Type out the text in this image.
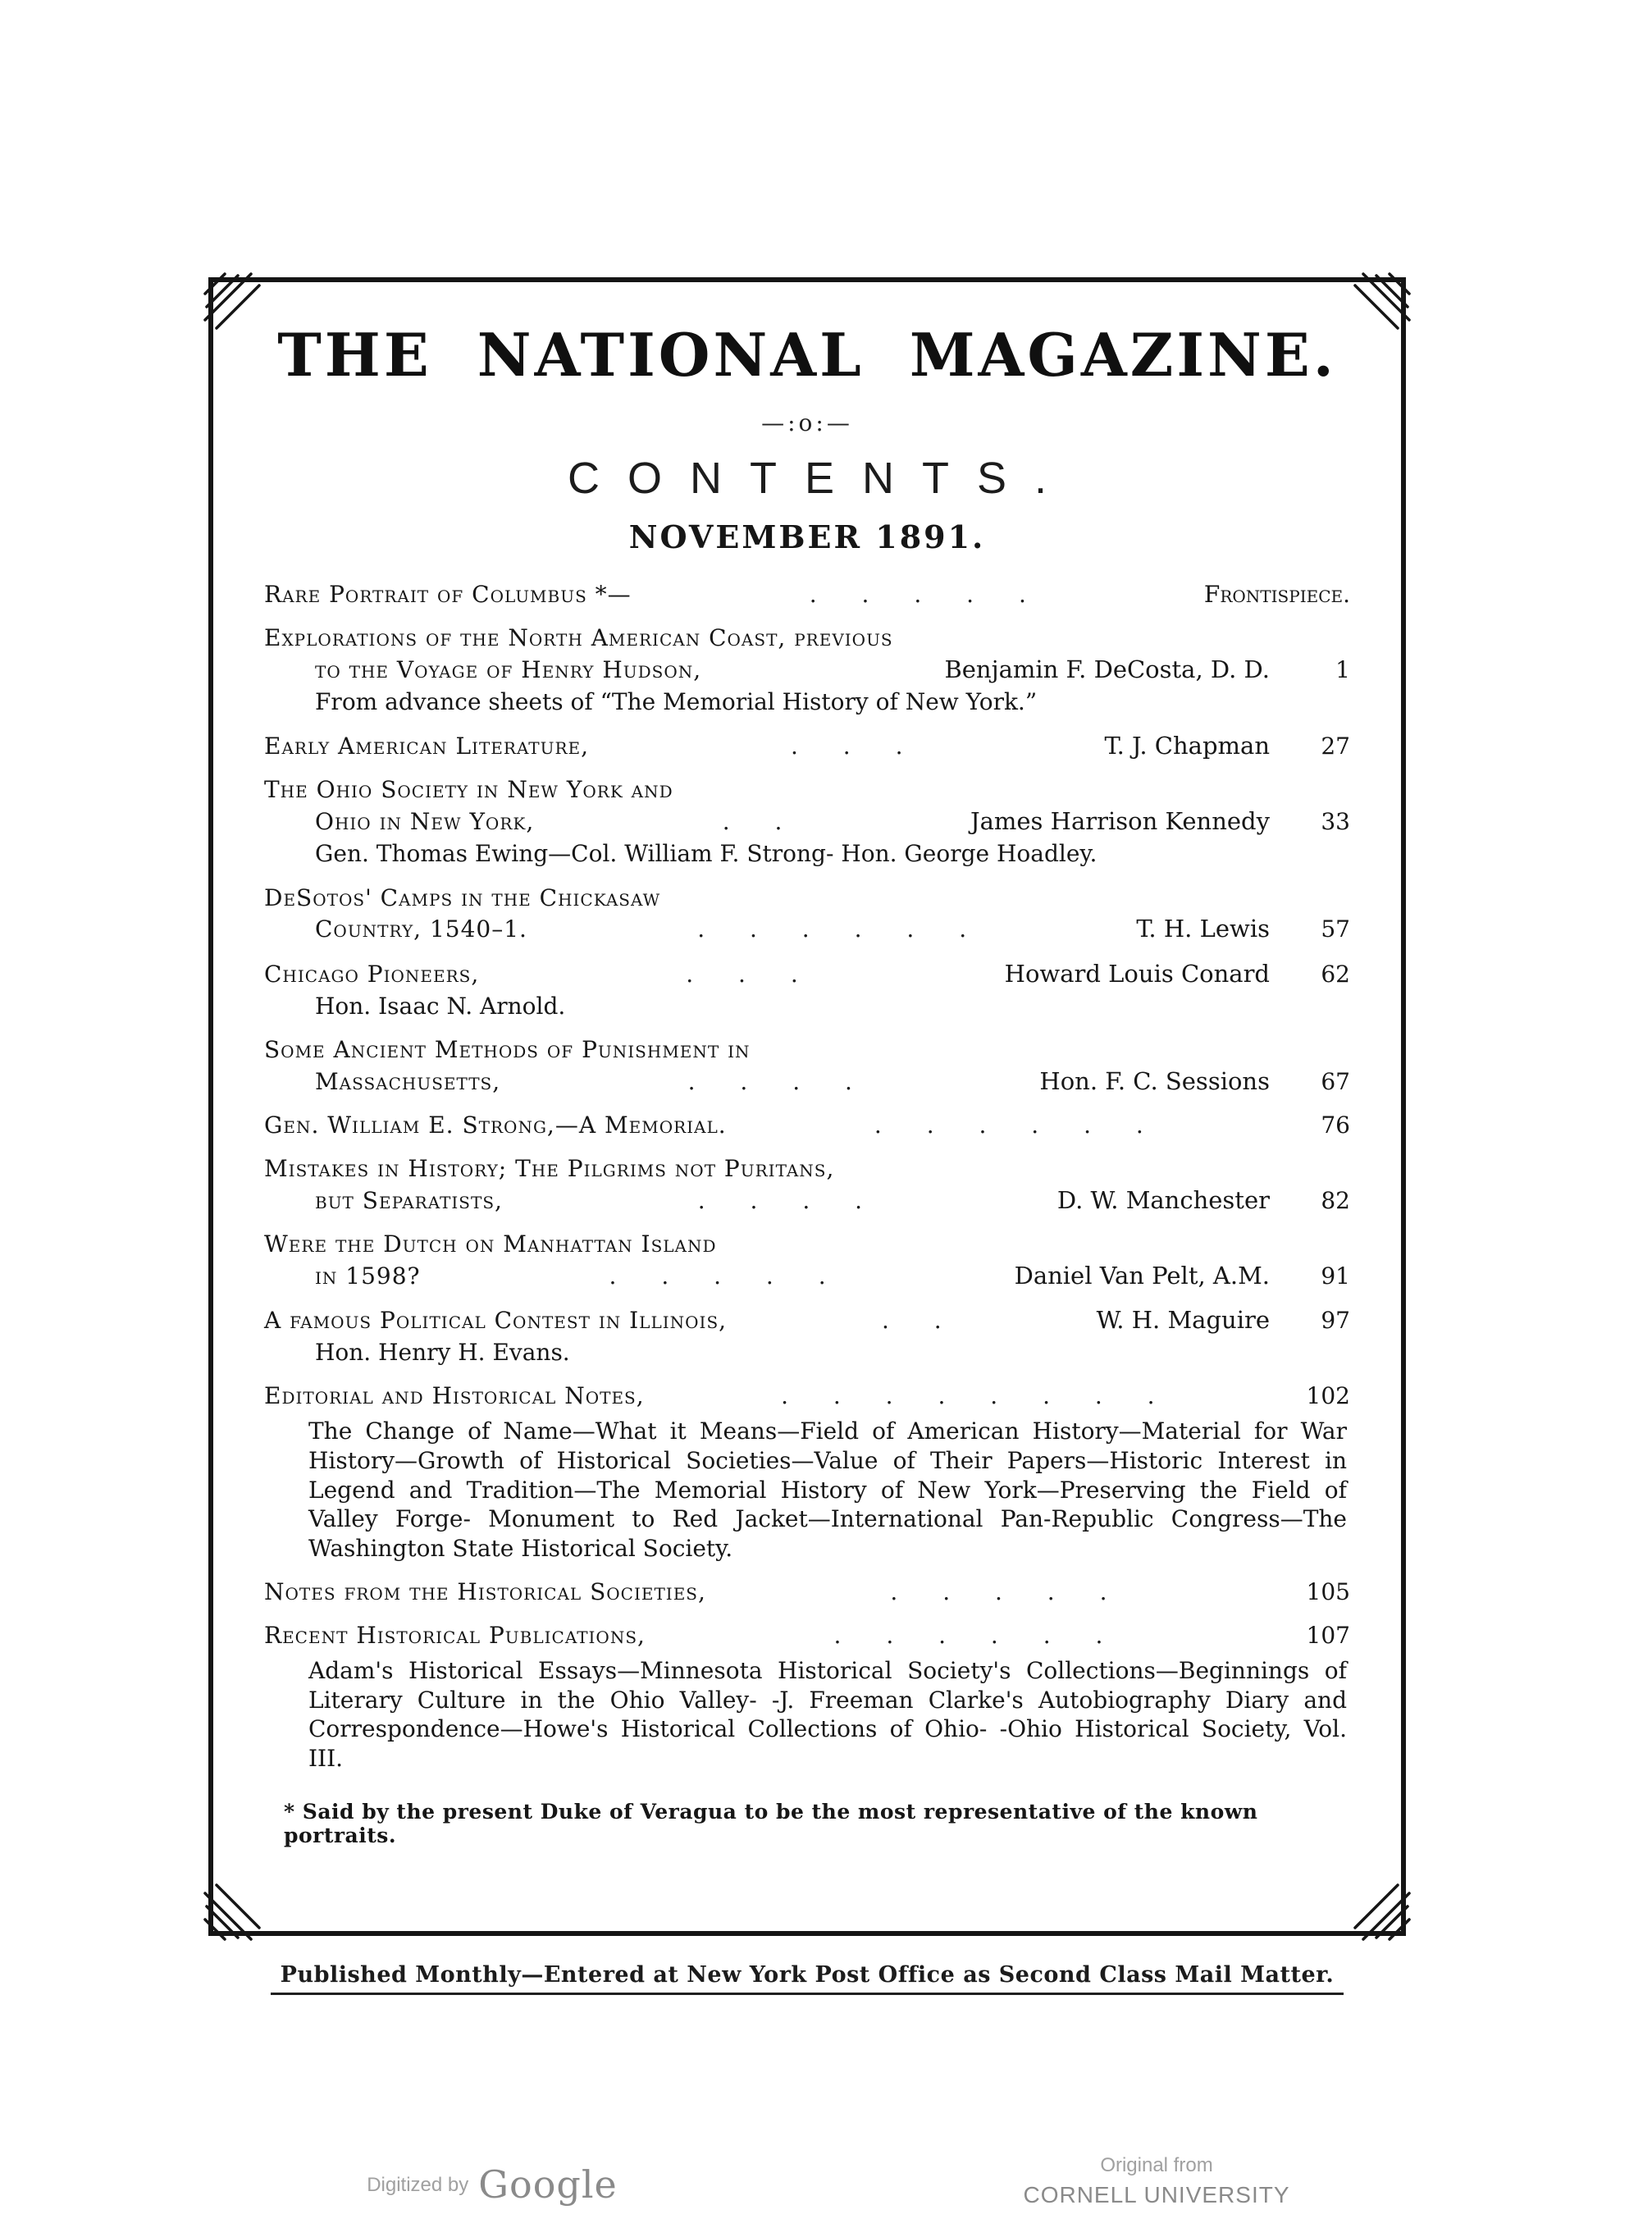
THE NATIONAL MAGAZINE.
—:o:—
CONTENTS.
NOVEMBER 1891.
Rare Portrait of Columbus *—	. . . . .	Frontispiece.
Explorations of the North American Coast, previous
to the Voyage of Henry Hudson,	Benjamin F. DeCosta, D. D.	1
From advance sheets of “The Memorial History of New York.”
Early American Literature,	. . .	T. J. Chapman	27
The Ohio Society in New York and
Ohio in New York,	. .	James Harrison Kennedy	33
Gen. Thomas Ewing—Col. William F. Strong- Hon. George Hoadley.
DeSotos' Camps in the Chickasaw
Country, 1540–1.	. . . . . .	T. H. Lewis	57
Chicago Pioneers,	. . .	Howard Louis Conard	62
Hon. Isaac N. Arnold.
Some Ancient Methods of Punishment in
Massachusetts,	. . . .	Hon. F. C. Sessions	67
Gen. William E. Strong,—A Memorial.	. . . . . .	76
Mistakes in History; The Pilgrims not Puritans,
but Separatists,	. . . .	D. W. Manchester	82
Were the Dutch on Manhattan Island
in 1598?	. . . . .	Daniel Van Pelt, A.M.	91
A famous Political Contest in Illinois,	. .	W. H. Maguire	97
Hon. Henry H. Evans.
Editorial and Historical Notes,	. . . . . . . .	102
The Change of Name—What it Means—Field of American History—Material for War History—Growth of Historical Societies—Value of Their Papers—Historic Interest in Legend and Tradition—The Memorial History of New York—Preserving the Field of Valley Forge- Monument to Red Jacket—International Pan-Republic Congress—The Washington State Historical Society.
Notes from the Historical Societies,	. . . . .	105
Recent Historical Publications,	. . . . . .	107
Adam's Historical Essays—Minnesota Historical Society's Collections—Beginnings of Literary Culture in the Ohio Valley- -J. Freeman Clarke's Autobiography Diary and Correspondence—Howe's Historical Collections of Ohio- -Ohio Historical Society, Vol. III.
* Said by the present Duke of Veragua to be the most representative of the known portraits.
Published Monthly—Entered at New York Post Office as Second Class Mail Matter.
Digitized by Google	Original from
CORNELL UNIVERSITY
